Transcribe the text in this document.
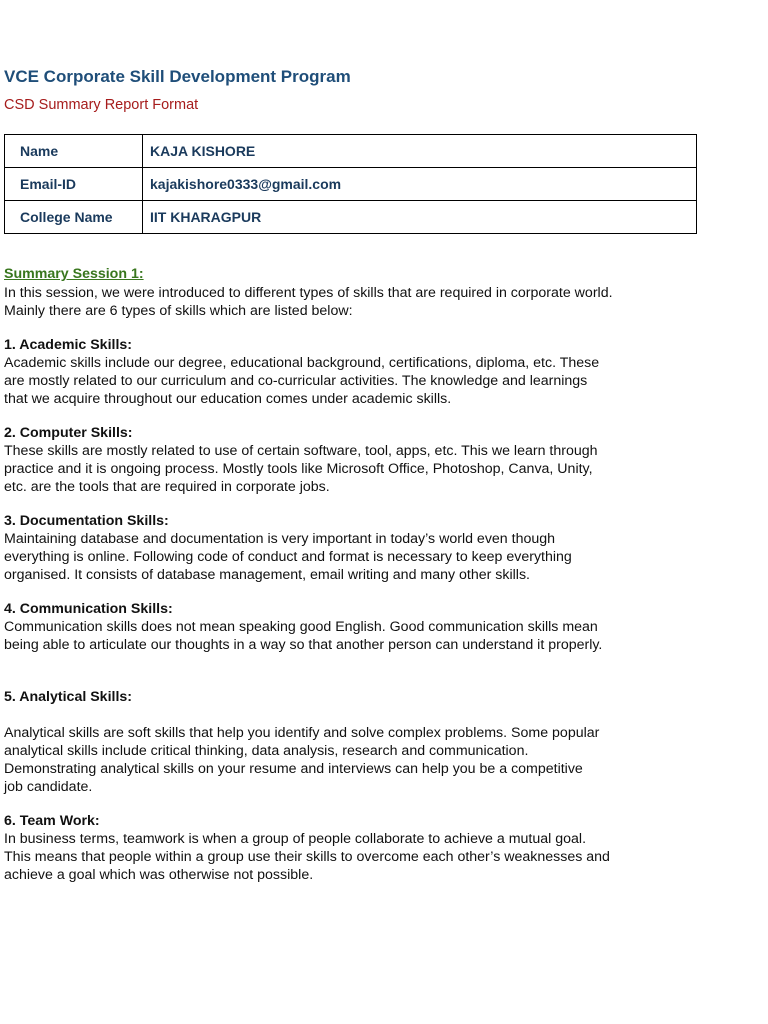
VCE Corporate Skill Development Program
CSD Summary Report Format
Name	KAJA KISHORE
Email-ID	kajakishore0333@gmail.com
College Name	IIT KHARAGPUR

Summary Session 1:

In this session, we were introduced to different types of skills that are required in corporate world.
Mainly there are 6 types of skills which are listed below:

1. Academic Skills:

Academic skills include our degree, educational background, certifications, diploma, etc. These
are mostly related to our curriculum and co-curricular activities. The knowledge and learnings
that we acquire throughout our education comes under academic skills.

2. Computer Skills:

These skills are mostly related to use of certain software, tool, apps, etc. This we learn through
practice and it is ongoing process. Mostly tools like Microsoft Office, Photoshop, Canva, Unity,
etc. are the tools that are required in corporate jobs.

3. Documentation Skills:

Maintaining database and documentation is very important in today’s world even though
everything is online. Following code of conduct and format is necessary to keep everything
organised. It consists of database management, email writing and many other skills.

4. Communication Skills:

Communication skills does not mean speaking good English. Good communication skills mean
being able to articulate our thoughts in a way so that another person can understand it properly.

5. Analytical Skills:

Analytical skills are soft skills that help you identify and solve complex problems. Some popular
analytical skills include critical thinking, data analysis, research and communication.
Demonstrating analytical skills on your resume and interviews can help you be a competitive
job candidate.

6. Team Work:

In business terms, teamwork is when a group of people collaborate to achieve a mutual goal.
This means that people within a group use their skills to overcome each other’s weaknesses and
achieve a goal which was otherwise not possible.
